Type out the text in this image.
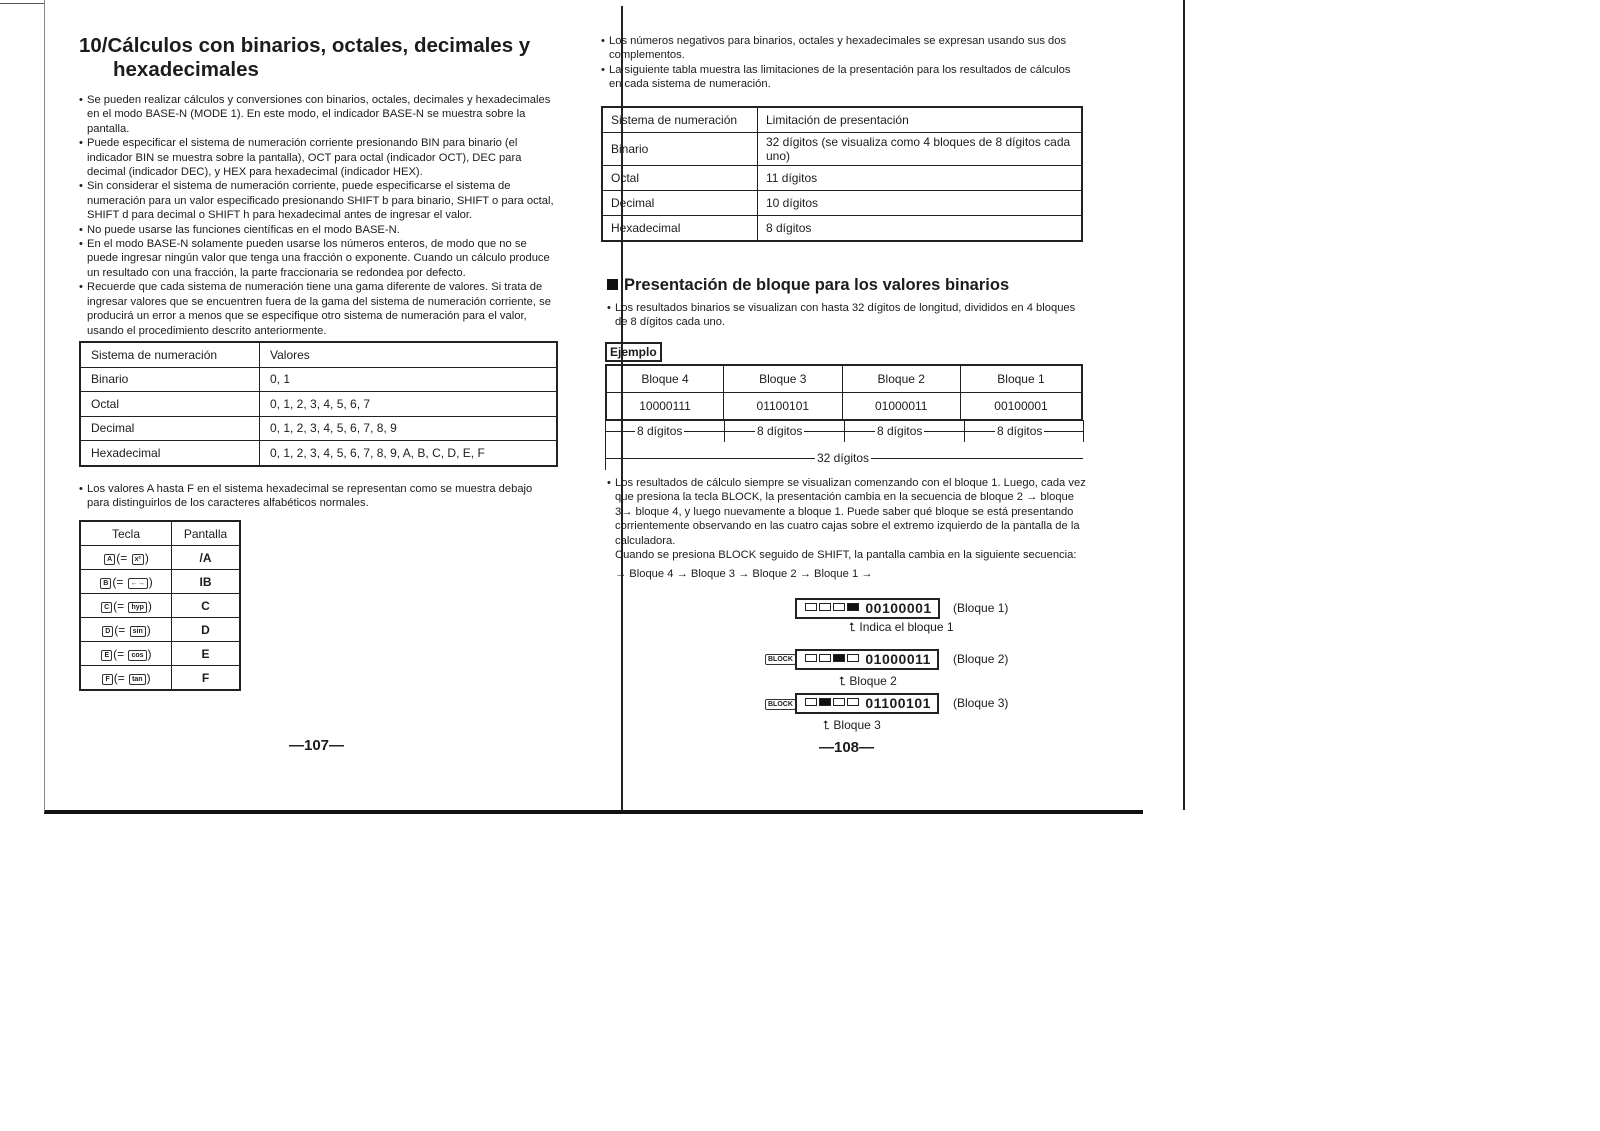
10/Cálculos con binarios, octales, decimales y
hexadecimales
• Se pueden realizar cálculos y conversiones con binarios, octales, decimales y hexadecimales en el modo BASE-N (MODE 1). En este modo, el indicador BASE-N se muestra sobre la pantalla.
• Puede especificar el sistema de numeración corriente presionando BIN para binario (el indicador BIN se muestra sobre la pantalla), OCT para octal (indicador OCT), DEC para decimal (indicador DEC), y HEX para hexadecimal (indicador HEX).
• Sin considerar el sistema de numeración corriente, puede especificarse el sistema de numeración para un valor especificado presionando SHIFT b para binario, SHIFT o para octal, SHIFT d para decimal o SHIFT h para hexadecimal antes de ingresar el valor.
• No puede usarse las funciones científicas en el modo BASE-N.
• En el modo BASE-N solamente pueden usarse los números enteros, de modo que no se puede ingresar ningún valor que tenga una fracción o exponente. Cuando un cálculo produce un resultado con una fracción, la parte fraccionaria se redondea por defecto.
• Recuerde que cada sistema de numeración tiene una gama diferente de valores. Si trata de ingresar valores que se encuentren fuera de la gama del sistema de numeración corriente, se producirá un error a menos que se especifique otro sistema de numeración para el valor, usando el procedimiento descrito anteriormente.
Sistema de numeración	Valores
Binario	0, 1
Octal	0, 1, 2, 3, 4, 5, 6, 7
Decimal	0, 1, 2, 3, 4, 5, 6, 7, 8, 9
Hexadecimal	0, 1, 2, 3, 4, 5, 6, 7, 8, 9, A, B, C, D, E, F
• Los valores A hasta F en el sistema hexadecimal se representan como se muestra debajo para distinguirlos de los caracteres alfabéticos normales.
Tecla	Pantalla
A (= x² )	/A
B (= ←→ )	IB
C (= hyp )	C
D (= sin )	D
E (= cos )	E
F (= tan )	F
—107—
• Los números negativos para binarios, octales y hexadecimales se expresan usando sus dos complementos.
• La siguiente tabla muestra las limitaciones de la presentación para los resultados de cálculos en cada sistema de numeración.
Sistema de numeración	Limitación de presentación
Binario	32 dígitos (se visualiza como 4 bloques de 8 dígitos cada uno)
Octal	11 dígitos
Decimal	10 dígitos
Hexadecimal	8 dígitos
Presentación de bloque para los valores binarios
• Los resultados binarios se visualizan con hasta 32 dígitos de longitud, divididos en 4 bloques de 8 dígitos cada uno.
Ejemplo
Bloque 4	Bloque 3	Bloque 2	Bloque 1
10000111	01100101	01000011	00100001
8 dígitos	8 dígitos	8 dígitos	8 dígitos
32 dígitos
• Los resultados de cálculo siempre se visualizan comenzando con el bloque 1. Luego, cada vez que presiona la tecla BLOCK, la presentación cambia en la secuencia de bloque 2 → bloque 3→ bloque 4, y luego nuevamente a bloque 1. Puede saber qué bloque se está presentando corrientemente observando en las cuatro cajas sobre el extremo izquierdo de la pantalla de la calculadora.
Cuando se presiona BLOCK seguido de SHIFT, la pantalla cambia en la siguiente secuencia:
→ Bloque 4 → Bloque 3 → Bloque 2 → Bloque 1 →
00100001	(Bloque 1)
⮤ Indica el bloque 1
BLOCK	01000011	(Bloque 2)
⮤ Bloque 2
BLOCK	01100101	(Bloque 3)
⮤ Bloque 3
—108—
